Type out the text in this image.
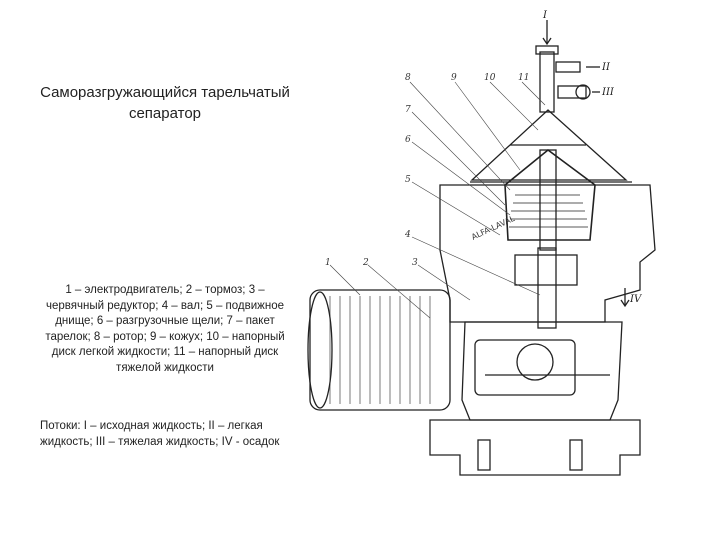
Саморазгружающийся тарельчатый сепаратор
1 – электродвигатель; 2 – тормоз; 3 – червячный редуктор; 4 – вал; 5 – подвижное днище; 6 – разгрузочные щели; 7 – пакет тарелок; 8 – ротор; 9 – кожух; 10 – напорный диск легкой жидкости; 11 – напорный диск тяжелой жидкости
Потоки: I – исходная жидкость; II – легкая жидкость; III – тяжелая жидкость; IV - осадок
ALFA-LAVAL
8	9	10	11
7
6
5
4
3
2
1
I
II
III
IV
